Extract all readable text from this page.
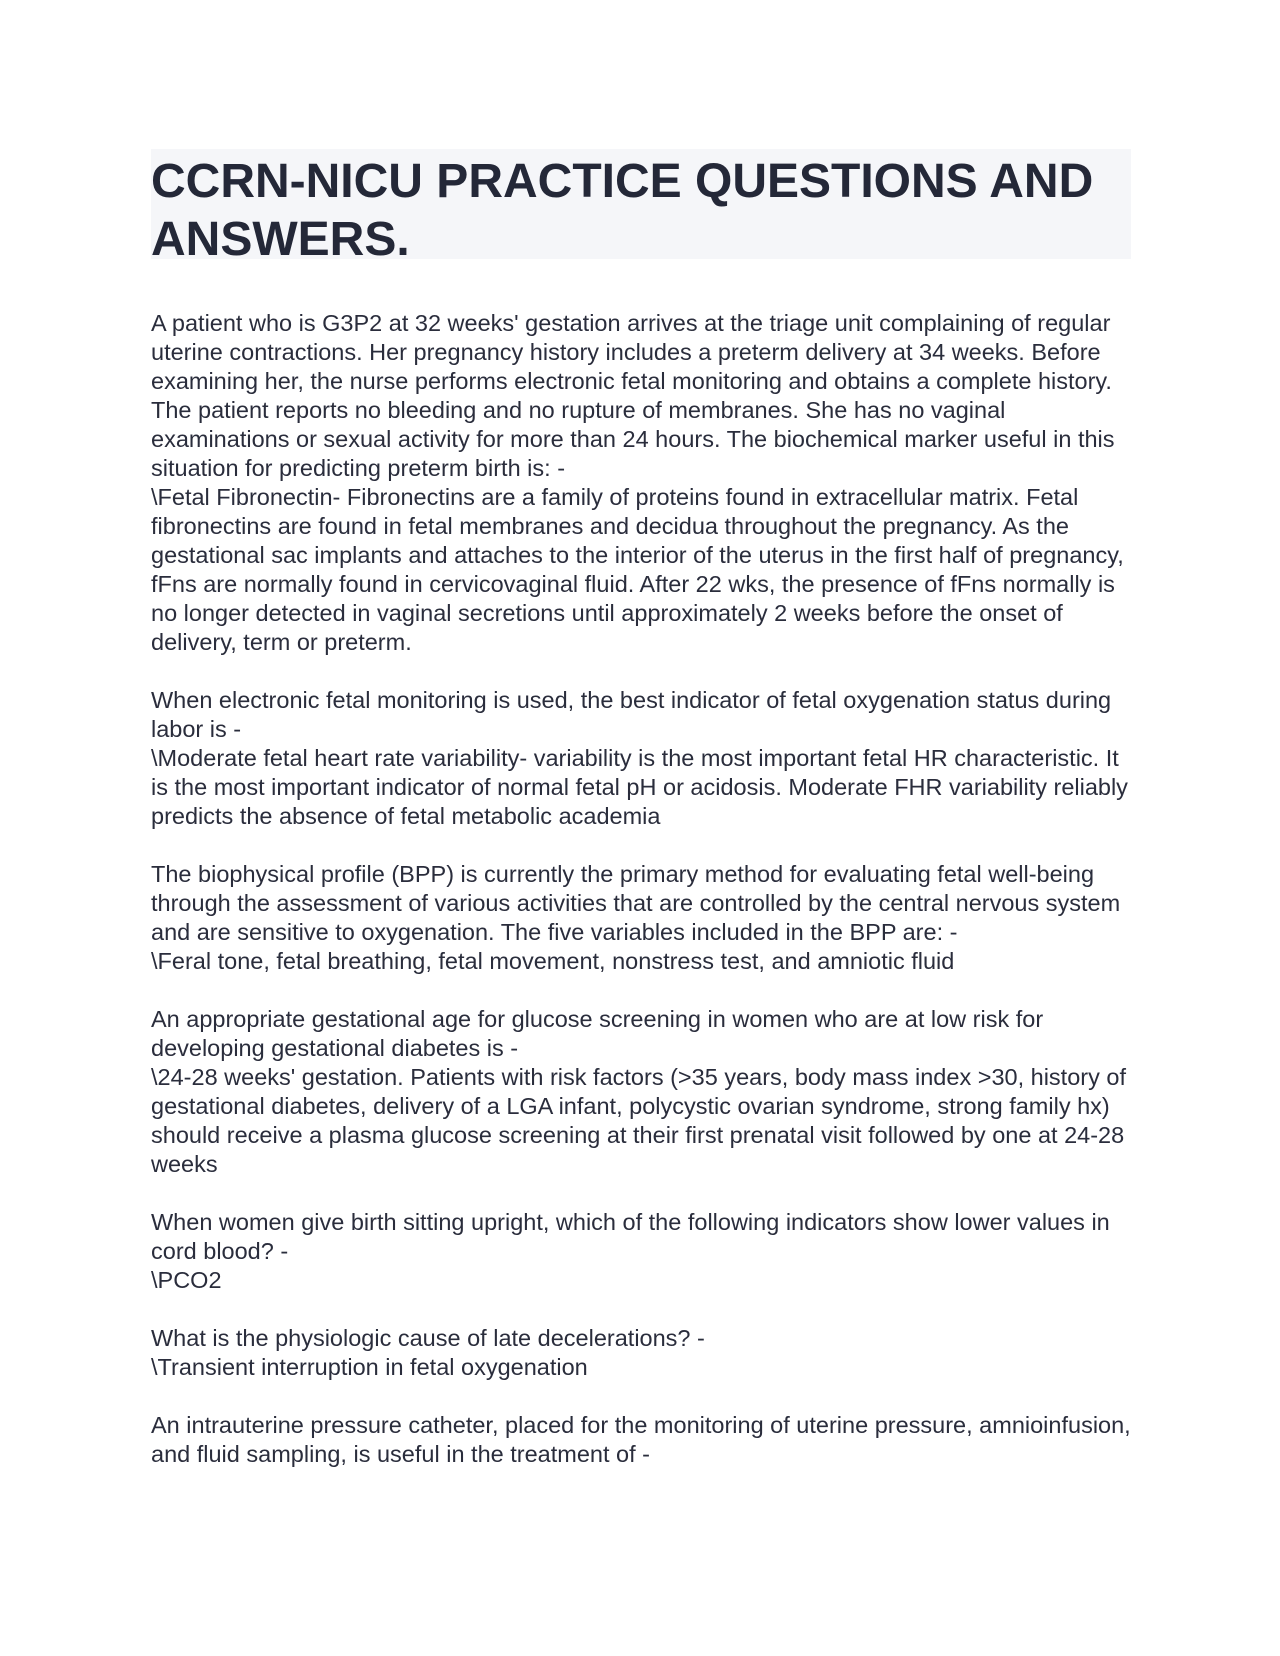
CCRN-NICU PRACTICE QUESTIONS AND ANSWERS.

A patient who is G3P2 at 32 weeks' gestation arrives at the triage unit complaining of regular uterine contractions. Her pregnancy history includes a preterm delivery at 34 weeks. Before examining her, the nurse performs electronic fetal monitoring and obtains a complete history. The patient reports no bleeding and no rupture of membranes. She has no vaginal examinations or sexual activity for more than 24 hours. The biochemical marker useful in this situation for predicting preterm birth is: -

\Fetal Fibronectin- Fibronectins are a family of proteins found in extracellular matrix. Fetal fibronectins are found in fetal membranes and decidua throughout the pregnancy. As the gestational sac implants and attaches to the interior of the uterus in the first half of pregnancy, fFns are normally found in cervicovaginal fluid. After 22 wks, the presence of fFns normally is no longer detected in vaginal secretions until approximately 2 weeks before the onset of delivery, term or preterm.

When electronic fetal monitoring is used, the best indicator of fetal oxygenation status during labor is -

\Moderate fetal heart rate variability- variability is the most important fetal HR characteristic. It is the most important indicator of normal fetal pH or acidosis. Moderate FHR variability reliably predicts the absence of fetal metabolic academia

The biophysical profile (BPP) is currently the primary method for evaluating fetal well-being through the assessment of various activities that are controlled by the central nervous system and are sensitive to oxygenation. The five variables included in the BPP are: -

\Feral tone, fetal breathing, fetal movement, nonstress test, and amniotic fluid

An appropriate gestational age for glucose screening in women who are at low risk for developing gestational diabetes is -

\24-28 weeks' gestation. Patients with risk factors (>35 years, body mass index >30, history of gestational diabetes, delivery of a LGA infant, polycystic ovarian syndrome, strong family hx) should receive a plasma glucose screening at their first prenatal visit followed by one at 24-28 weeks

When women give birth sitting upright, which of the following indicators show lower values in cord blood? -

\PCO2

What is the physiologic cause of late decelerations? -

\Transient interruption in fetal oxygenation

An intrauterine pressure catheter, placed for the monitoring of uterine pressure, amnioinfusion, and fluid sampling, is useful in the treatment of -
